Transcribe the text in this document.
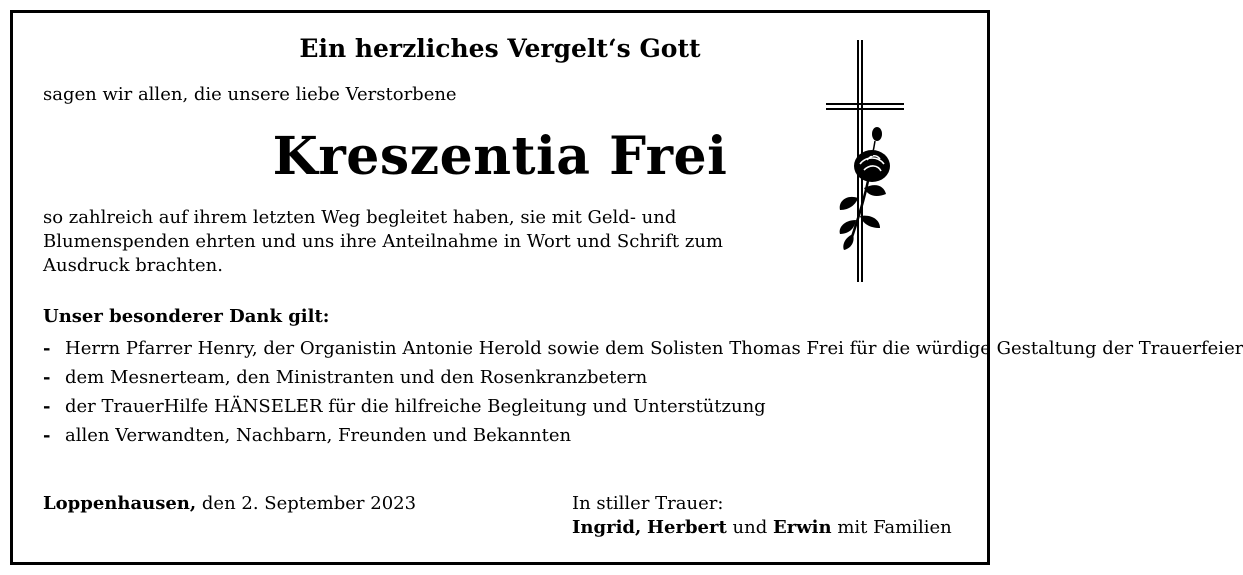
Ein herzliches Vergelt‘s Gott
sagen wir allen, die unsere liebe Verstorbene
Kreszentia Frei
so zahlreich auf ihrem letzten Weg begleitet haben, sie mit Geld- und Blumenspenden ehrten und uns ihre Anteilnahme in Wort und Schrift zum Ausdruck brachten.
Unser besonderer Dank gilt:
- Herrn Pfarrer Henry, der Organistin Antonie Herold sowie dem Solisten Thomas Frei für die würdige Gestaltung der Trauerfeier
- dem Mesnerteam, den Ministranten und den Rosenkranzbetern
- der TrauerHilfe HÄNSELER für die hilfreiche Begleitung und Unterstützung
- allen Verwandten, Nachbarn, Freunden und Bekannten
Loppenhausen, den 2. September 2023	In stiller Trauer:
Ingrid, Herbert und Erwin mit Familien
